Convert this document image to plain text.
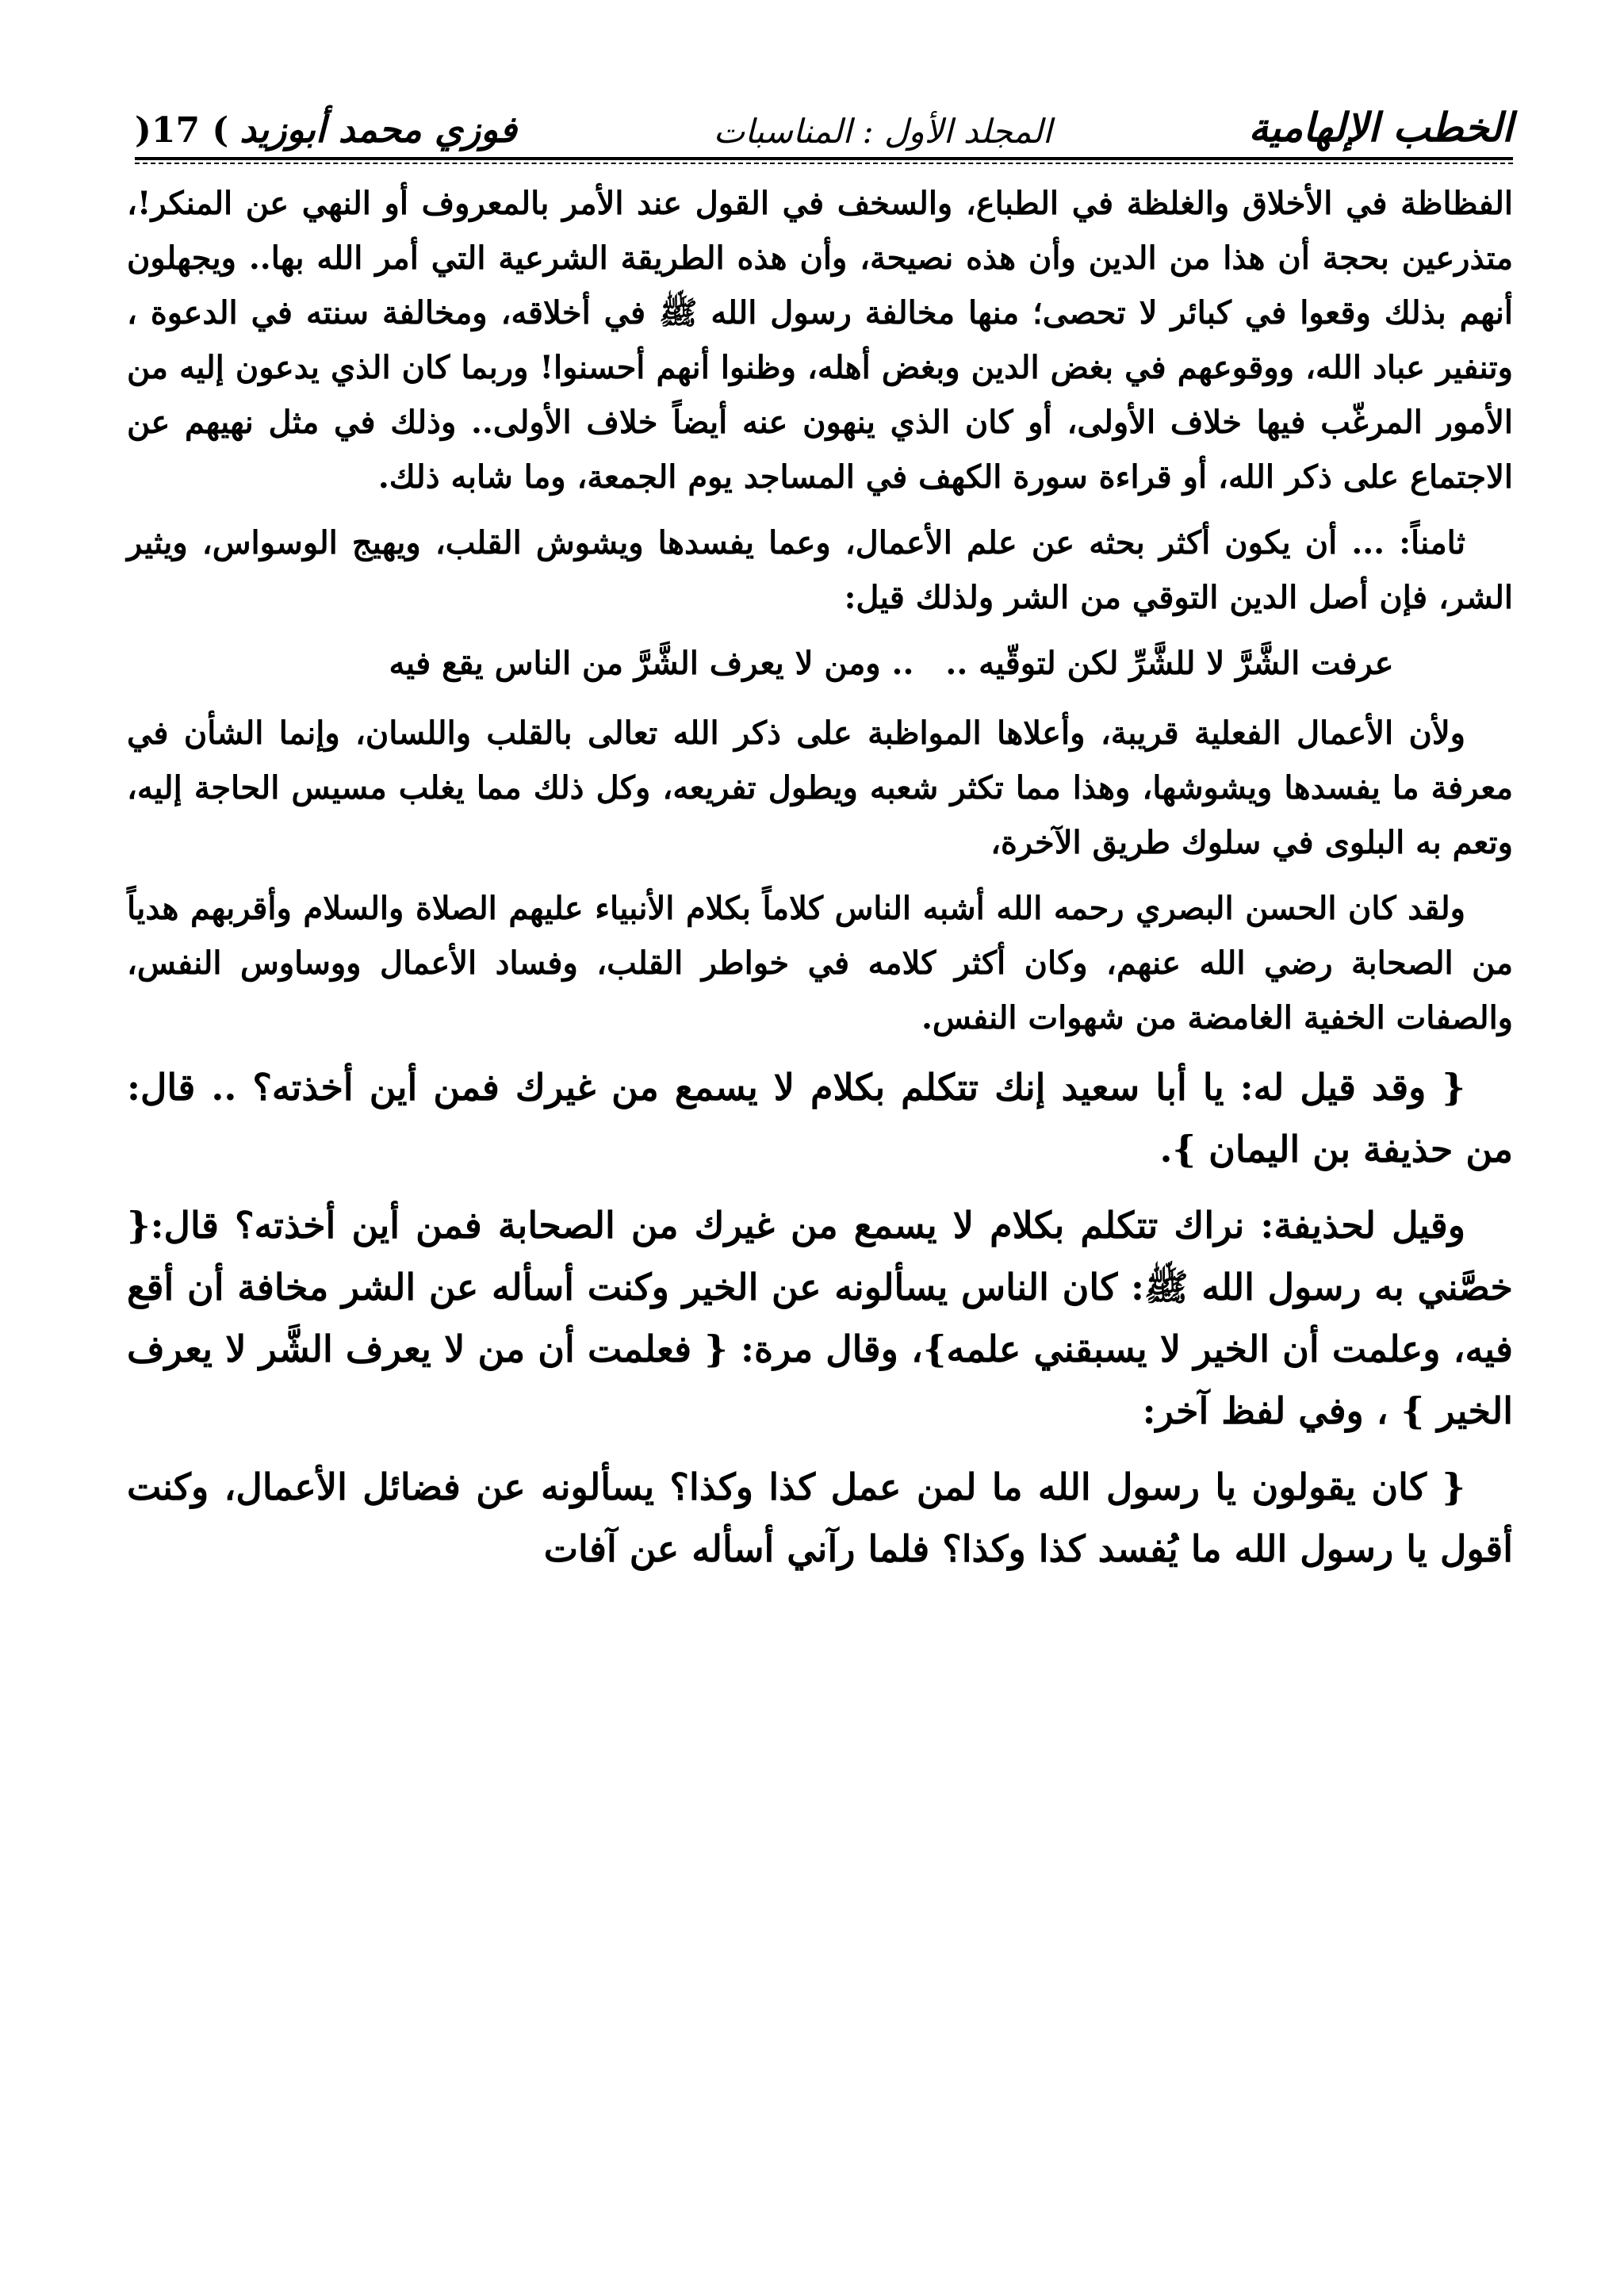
الخطب الإلهامية
المجلد الأول : المناسبات
)17 ( فوزي محمد أبوزيد

الفظاظة في الأخلاق والغلظة في الطباع، والسخف في القول عند الأمر بالمعروف أو النهي عن المنكر!، متذرعين بحجة أن هذا من الدين وأن هذه نصيحة، وأن هذه الطريقة الشرعية التي أمر الله بها.. ويجهلون أنهم بذلك وقعوا في كبائر لا تحصى؛ منها مخالفة رسول الله ﷺ في أخلاقه، ومخالفة سنته في الدعوة ، وتنفير عباد الله، ووقوعهم في بغض الدين وبغض أهله، وظنوا أنهم أحسنوا! وربما كان الذي يدعون إليه من الأمور المرغّب فيها خلاف الأولى، أو كان الذي ينهون عنه أيضاً خلاف الأولى.. وذلك في مثل نهيهم عن الاجتماع على ذكر الله، أو قراءة سورة الكهف في المساجد يوم الجمعة، وما شابه ذلك.

ثامناً: ... أن يكون أكثر بحثه عن علم الأعمال، وعما يفسدها ويشوش القلب، ويهيج الوسواس، ويثير الشر، فإن أصل الدين التوقي من الشر ولذلك قيل:

عرفت الشَّرَّ لا للشَّرِّ لكن لتوقّيه ..
.. ومن لا يعرف الشَّرَّ من الناس يقع فيه

ولأن الأعمال الفعلية قريبة، وأعلاها المواظبة على ذكر الله تعالى بالقلب واللسان، وإنما الشأن في معرفة ما يفسدها ويشوشها، وهذا مما تكثر شعبه ويطول تفريعه، وكل ذلك مما يغلب مسيس الحاجة إليه، وتعم به البلوى في سلوك طريق الآخرة،

ولقد كان الحسن البصري رحمه الله أشبه الناس كلاماً بكلام الأنبياء عليهم الصلاة والسلام وأقربهم هدياً من الصحابة رضي الله عنهم، وكان أكثر كلامه في خواطر القلب، وفساد الأعمال ووساوس النفس، والصفات الخفية الغامضة من شهوات النفس.

{ وقد قيل له: يا أبا سعيد إنك تتكلم بكلام لا يسمع من غيرك فمن أين أخذته؟ .. قال: من حذيفة بن اليمان }.

وقيل لحذيفة: نراك تتكلم بكلام لا يسمع من غيرك من الصحابة فمن أين أخذته؟ قال:{ خصَّني به رسول الله ﷺ: كان الناس يسألونه عن الخير وكنت أسأله عن الشر مخافة أن أقع فيه، وعلمت أن الخير لا يسبقني علمه}، وقال مرة: { فعلمت أن من لا يعرف الشَّر لا يعرف الخير } ، وفي لفظ آخر:

{ كان يقولون يا رسول الله ما لمن عمل كذا وكذا؟ يسألونه عن فضائل الأعمال، وكنت أقول يا رسول الله ما يُفسد كذا وكذا؟ فلما رآني أسأله عن آفات
